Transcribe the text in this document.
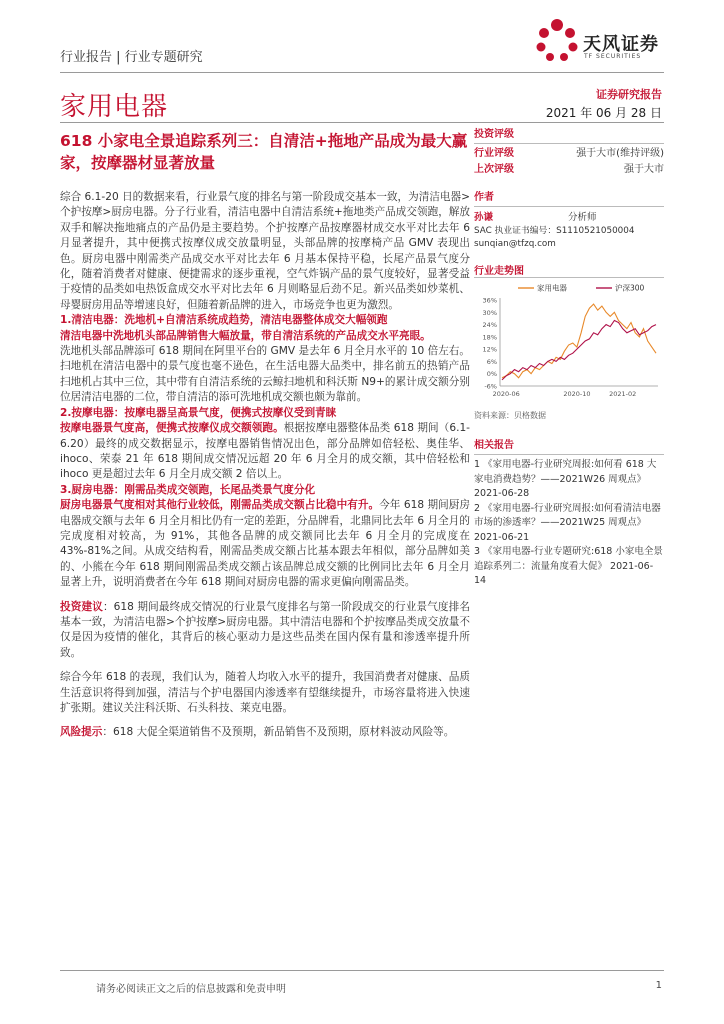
行业报告 | 行业专题研究
天风证券
TF SECURITIES
家用电器	证券研究报告
2021 年 06 月 28 日
618 小家电全景追踪系列三：自清洁+拖地产品成为最大赢家，按摩器材显著放量

综合 6.1-20 日的数据来看，行业景气度的排名与第一阶段成交基本一致，为清洁电器>个护按摩>厨房电器。分子行业看，清洁电器中自清洁系统+拖地类产品成交领跑，解放双手和解决拖地痛点的产品仍是主要趋势。个护按摩产品按摩器材成交水平对比去年 6 月显著提升，其中便携式按摩仪成交放量明显，头部品牌的按摩椅产品 GMV 表现出色。厨房电器中刚需类产品成交水平对比去年 6 月基本保持平稳，长尾产品景气度分化，随着消费者对健康、便捷需求的逐步重视，空气炸锅产品的景气度较好，显著受益于疫情的品类如电热饭盒成交水平对比去年 6 月则略显后劲不足。新兴品类如炒菜机、母婴厨房用品等增速良好，但随着新品牌的进入，市场竞争也更为激烈。

1.清洁电器：洗地机+自清洁系统成趋势，清洁电器整体成交大幅领跑

清洁电器中洗地机头部品牌销售大幅放量，带自清洁系统的产品成交水平亮眼。

洗地机头部品牌添可 618 期间在阿里平台的 GMV 是去年 6 月全月水平的 10 倍左右。扫地机在清洁电器中的景气度也毫不逊色，在生活电器大品类中，排名前五的热销产品扫地机占其中三位，其中带有自清洁系统的云鲸扫地机和科沃斯 N9+的累计成交额分别位居清洁电器的二位，带自清洁的添可洗地机成交额也颇为靠前。

2.按摩电器：按摩电器呈高景气度，便携式按摩仪受到青睐

按摩电器景气度高，便携式按摩仪成交额领跑。根据按摩电器整体品类 618 期间（6.1-6.20）最终的成交数据显示，按摩电器销售情况出色，部分品牌如倍轻松、奥佳华、ihoco、荣泰 21 年 618 期间成交情况远超 20 年 6 月全月的成交额，其中倍轻松和 ihoco 更是超过去年 6 月全月成交额 2 倍以上。

3.厨房电器：刚需品类成交领跑，长尾品类景气度分化

厨房电器景气度相对其他行业较低，刚需品类成交额占比稳中有升。今年 618 期间厨房电器成交额与去年 6 月全月相比仍有一定的差距，分品牌看，北鼎同比去年 6 月全月的完成度相对较高，为 91%，其他各品牌的成交额同比去年 6 月全月的完成度在 43%-81%之间。从成交结构看，刚需品类成交额占比基本跟去年相似，部分品牌如美的、小熊在今年 618 期间刚需品类成交额占该品牌总成交额的比例同比去年 6 月全月显著上升，说明消费者在今年 618 期间对厨房电器的需求更偏向刚需品类。

投资建议：618 期间最终成交情况的行业景气度排名与第一阶段成交的行业景气度排名基本一致，为清洁电器>个护按摩>厨房电器。其中清洁电器和个护按摩品类成交放量不仅是因为疫情的催化，其背后的核心驱动力是这些品类在国内保有量和渗透率提升所致。

综合今年 618 的表现，我们认为，随着人均收入水平的提升，我国消费者对健康、品质生活意识将得到加强，清洁与个护电器国内渗透率有望继续提升，市场容量将进入快速扩张期。建议关注科沃斯、石头科技、莱克电器。

风险提示：618 大促全渠道销售不及预期，新品销售不及预期，原材料波动风险等。

投资评级
行业评级	强于大市(维持评级)
上次评级	强于大市
作者
孙谦	分析师
SAC 执业证书编号：S1110521050004
sunqian@tfzq.com
行业走势图
36%
30%
24%
18%
12%
6%
0%
-6%
2020-06	2020-10	2021-02
家用电器	沪深300
资料来源：贝格数据
相关报告
1 《家用电器-行业研究周报:如何看 618 大家电消费趋势？——2021W26 周观点》 2021-06-28
2 《家用电器-行业研究周报:如何看清洁电器市场的渗透率？——2021W25 周观点》 2021-06-21
3 《家用电器-行业专题研究:618 小家电全景追踪系列二：流量角度看大促》 2021-06-14
请务必阅读正文之后的信息披露和免责申明	1
